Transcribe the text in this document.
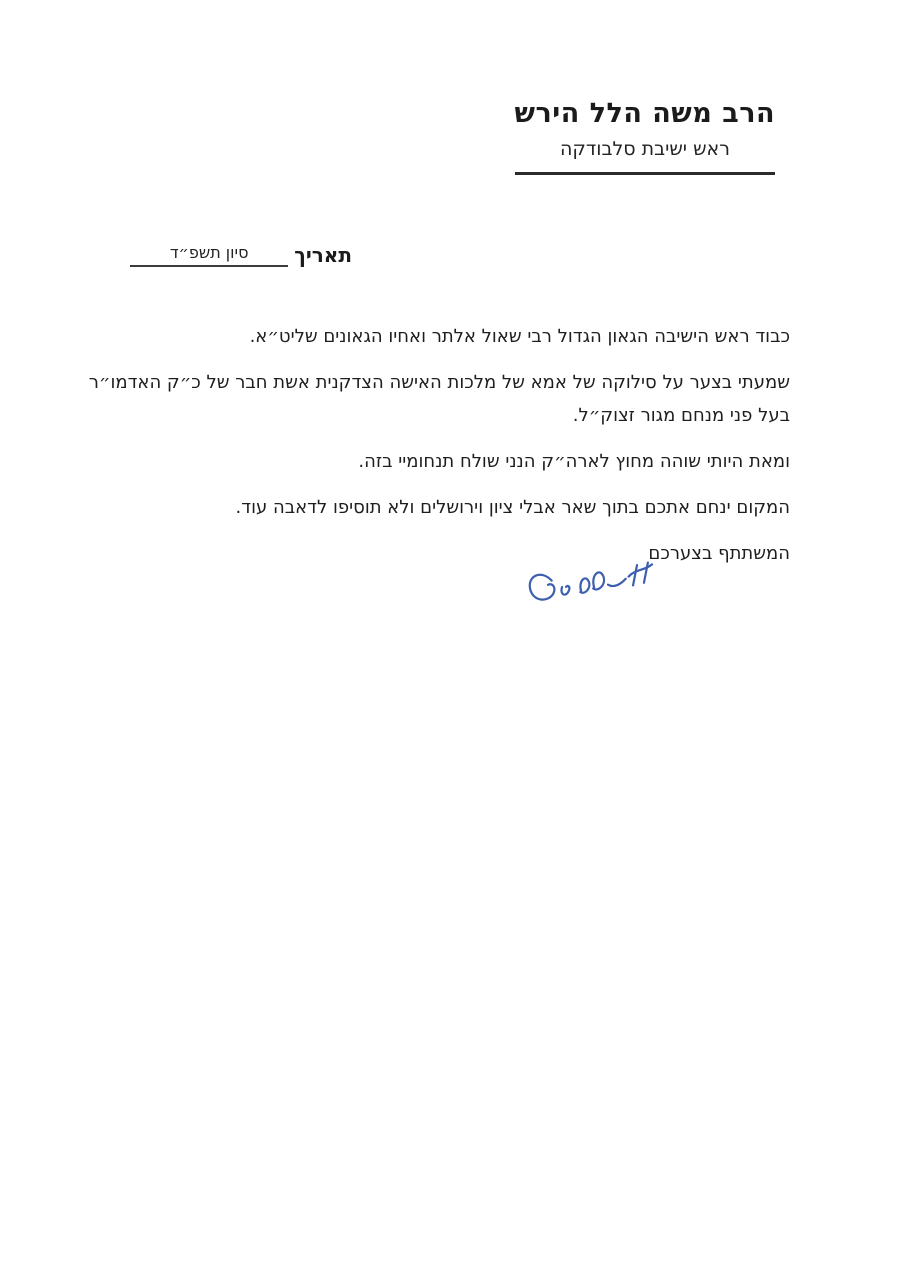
הרב משה הלל הירש
ראש ישיבת סלבודקה
תאריך
סיון תשפ״ד

כבוד ראש הישיבה הגאון הגדול רבי שאול אלתר ואחיו הגאונים שליט״א.

שמעתי בצער על סילוקה של אמא של מלכות האישה הצדקנית אשת חבר של כ״ק האדמו״ר בעל פני מנחם מגור זצוק״ל.

ומאת היותי שוהה מחוץ לארה״ק הנני שולח תנחומיי בזה.

המקום ינחם אתכם בתוך שאר אבלי ציון וירושלים ולא תוסיפו לדאבה עוד.

המשתתף בצערכם
